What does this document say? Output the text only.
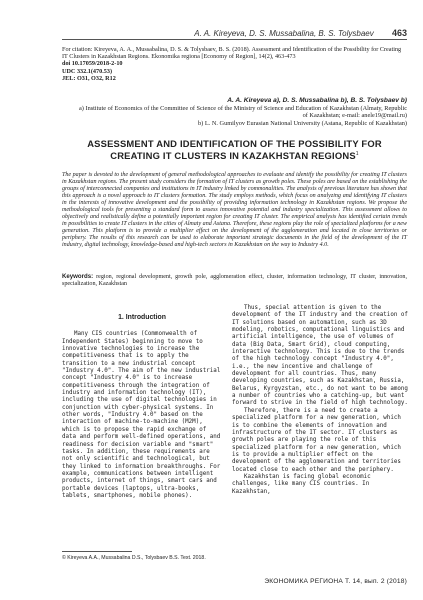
A. A. Kireyeva, D. S. Mussabalina, B. S. Tolysbaev 463
For citation: Kireyeva, A. A., Mussabalina, D. S. & Tolysbaev, B. S. (2018). Assessment and Identification of the Possibility for Creating IT Clusters in Kazakhstan Regions. Ekonomika regiona [Economy of Region], 14(2), 463-473
doi 10.17059/2018-2-10
UDC 332.1(470.53)
JEL: O31, O32, R12
A. A. Kireyeva a), D. S. Mussabalina b), B. S. Tolysbaev b)
a) Institute of Economics of the Committee of Science of the Ministry of Science and Education of Kazakhstan (Almaty, Republic of Kazakhstan; e-mail: anele19@mail.ru)
b) L. N. Gumilyov Eurasian National University (Astana, Republic of Kazakhstan)
ASSESSMENT AND IDENTIFICATION OF THE POSSIBILITY FOR CREATING IT CLUSTERS IN KAZAKHSTAN REGIONS$^1$
The paper is devoted to the development of general methodological approaches to evaluate and identify the possibility for creating IT clusters in Kazakhstan regions. The present study considers the formation of IT clusters as growth poles. These poles are based on the establishing the groups of interconnected companies and institutions in IT industry linked by commonalities. The analysis of previous literature has shown that this approach is a novel approach to IT clusters formation. The study employs methods, which focus on analyzing and identifying IT clusters in the interests of innovative development and the possibility of providing information technology in Kazakhstan regions. We propose the methodological tools for presenting a standard form to assess innovative potential and industry specialization. This assessment allows to objectively and realistically define a potentially important region for creating IT cluster. The empirical analysis has identified certain trends in possibilities to create IT clusters in the cities of Almaty and Astana. Therefore, these regions play the role of specialized platforms for a new generation. This platform is to provide a multiplier effect on the development of the agglomeration and located in close territories or periphery. The results of this research can be used to elaborate important strategic documents in the field of the development of the IT industry, digital technology, knowledge-based and high-tech sectors in Kazakhstan on the way to Industry 4.0.
Keywords: region, regional development, growth pole, agglomeration effect, cluster, information technology, IT cluster, innovation, specialization, Kazakhstan
1. Introduction

Many CIS countries (Commonwealth of Independent States) beginning to move to innovative technologies to increase the competitiveness that is to apply the transition to a new industrial concept "Industry 4.0". The aim of the new industrial concept "Industry 4.0" is to increase competitiveness through the integration of industry and information technology (IT), including the use of digital technologies in conjunction with cyber-physical systems. In other words, "Industry 4.0" based on the interaction of machine-to-machine (M2M), which is to propose the rapid exchange of data and perform well-defined operations, and readiness for decision variable and "smart" tasks. In addition, these requirements are not only scientific and technological, but they linked to information breakthroughs. For example, communications between intelligent products, internet of things, smart cars and portable devices (laptops, ultra-books, tablets, smartphones, mobile phones).

Thus, special attention is given to the development of the IT industry and the creation of IT solutions based on automation, such as 3D modeling, robotics, computational linguistics and artificial intelligence, the use of volumes of data (Big Data, Smart Grid), cloud computing, interactive technology. This is due to the trends of the high technology concept "Industry 4.0", i.e., the new incentive and challenge of development for all countries. Thus, many developing countries, such as Kazakhstan, Russia, Belarus, Kyrgyzstan, etc., do not want to be among a number of countries who a catching-up, but want forward to strive in the field of high technology.

Therefore, there is a need to create a specialized platform for a new generation, which is to combine the elements of innovation and infrastructure of the IT sector. IT clusters as growth poles are playing the role of this specialized platform for a new generation, which is to provide a multiplier effect on the development of the agglomeration and territories located close to each other and the periphery.

Kazakhstan is facing global economic challenges, like many CIS countries. In Kazakhstan,

© Kireyeva A.A., Mussabalina D.S., Tolysbaev B.S. Text. 2018.
ЭКОНОМИКА РЕГИОНА Т. 14, вып. 2 (2018)
